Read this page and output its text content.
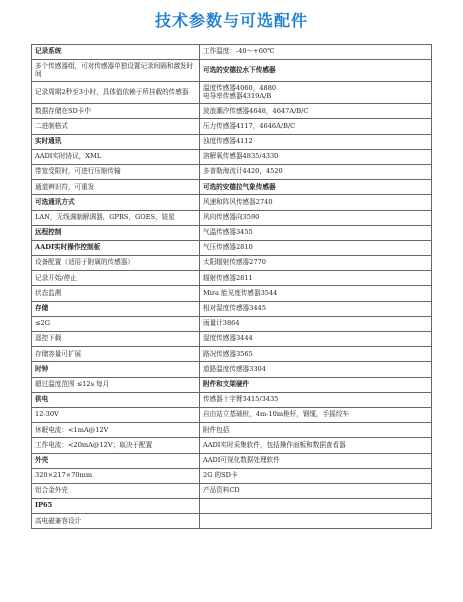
技术参数与可选配件
记录系统	工作温度：-40～+60℃
多个传感器组，可对传感器单独设置记录间隔和激发时间	可选的安德拉水下传感器
记录周期2秒至3小时，具体值依赖于所挂载的传感器	温度传感器4060，4880
电导率传感器4319A/B
数据存储在SD卡中	波浪潮汐传感器4648，4647A/B/C
二进制格式	压力传感器4117，4646A/B/C
实时通讯	浊度传感器4112
AADI实时协议，XML	溶解氧传感器4835/4330
带宽受限时，可进行压缩传输	多普勒海流计4420，4520
通道辨识符，可重发	可选的安德拉气象传感器
可选通讯方式	风速和阵风传感器2740
LAN，无线调制解调器，GPRS，GOES，铱星	风向传感器向3590
远程控制	气温传感器3455
AADI实时操作控制板	气压传感器2810
设备配置（适用于附属的传感器）	太阳辐射传感器2770
记录开始/停止	辐射传感器2811
状态监测	Mira 能见度传感器3544
存储	相对湿度传感器3445
≤2G	雨量计3864
遥控下载	湿度传感器3444
存储容量可扩展	路况传感器3565
时钟	道路温度传感器3304
超过温度范围 ≤12s 每月	附件和支架硬件
供电	传感器十字臂3415/3435
12-30V	自由站立基础桩，4m-10m桅杆，钢缆，手摇绞车
休眠电流：<1mA@12V	附件包括
工作电流：<20mA@12V；取决于配置	AADI实时采集软件，包括操作面板和数据查看器
外壳	AADI可视化数据处理软件
320×217×70mm	2G 的SD卡
铝合金外壳	产品资料CD
IP65	
高电磁兼容设计	
